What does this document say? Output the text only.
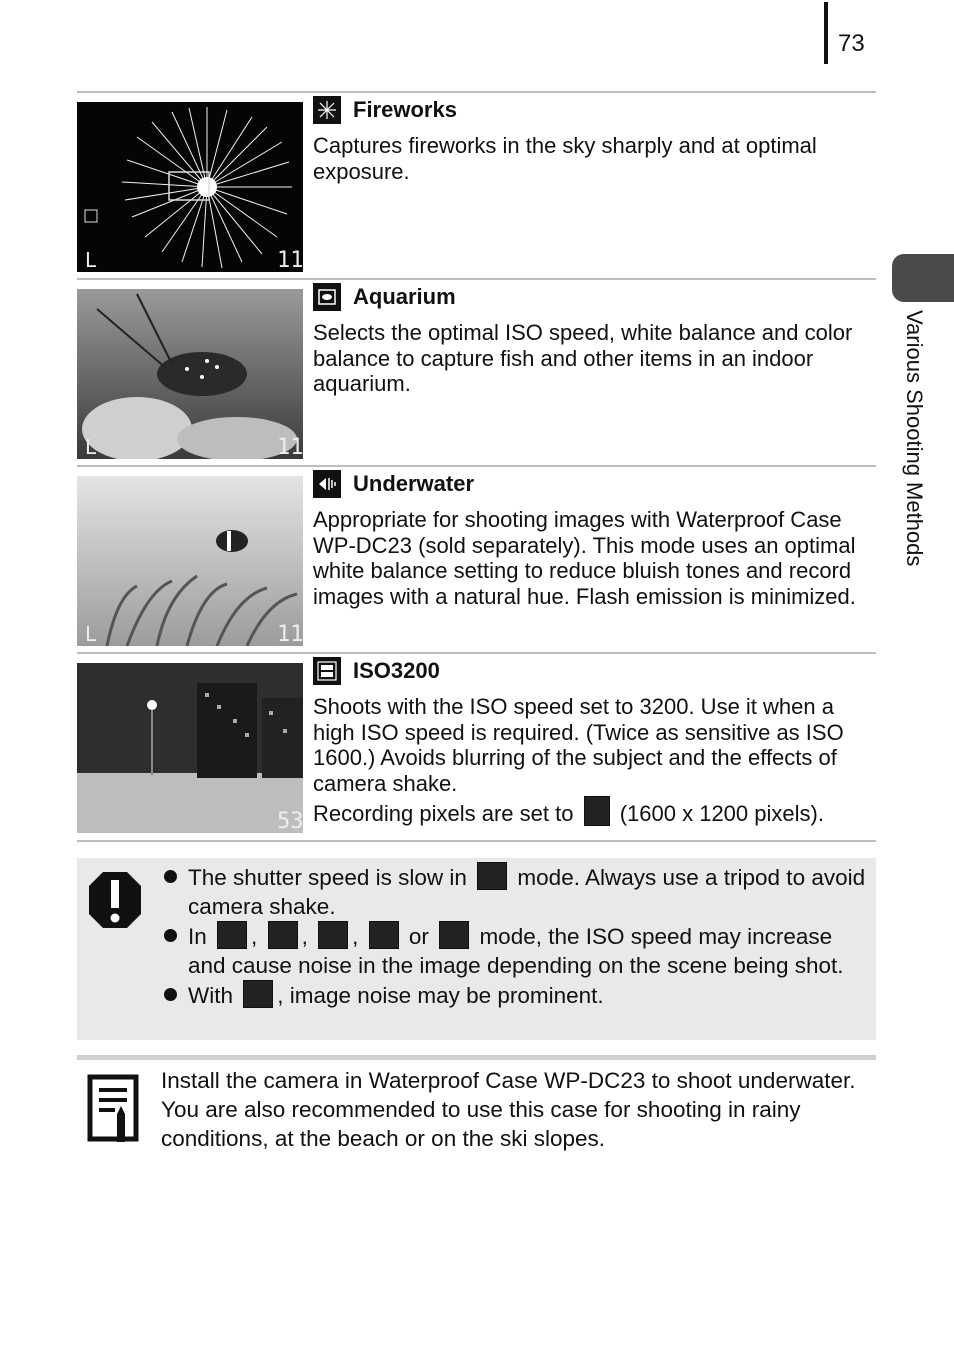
73
Various Shooting Methods
11
L
Fireworks
Captures fireworks in the sky sharply and at optimal exposure.
11
L
Aquarium
Selects the optimal ISO speed, white balance and color balance to capture fish and other items in an indoor aquarium.
11
L
Underwater
Appropriate for shooting images with Waterproof Case WP-DC23 (sold separately). This mode uses an optimal white balance setting to reduce bluish tones and record images with a natural hue. Flash emission is minimized.
53
ISO3200
Shoots with the ISO speed set to 3200. Use it when a high ISO speed is required. (Twice as sensitive as ISO 1600.) Avoids blurring of the subject and the effects of camera shake.
Recording pixels are set to (1600 x 1200 pixels).
The shutter speed is slow in mode. Always use a tripod to avoid camera shake.
In , , , or mode, the ISO speed may increase and cause noise in the image depending on the scene being shot.
With , image noise may be prominent.
Install the camera in Waterproof Case WP-DC23 to shoot underwater. You are also recommended to use this case for shooting in rainy conditions, at the beach or on the ski slopes.
